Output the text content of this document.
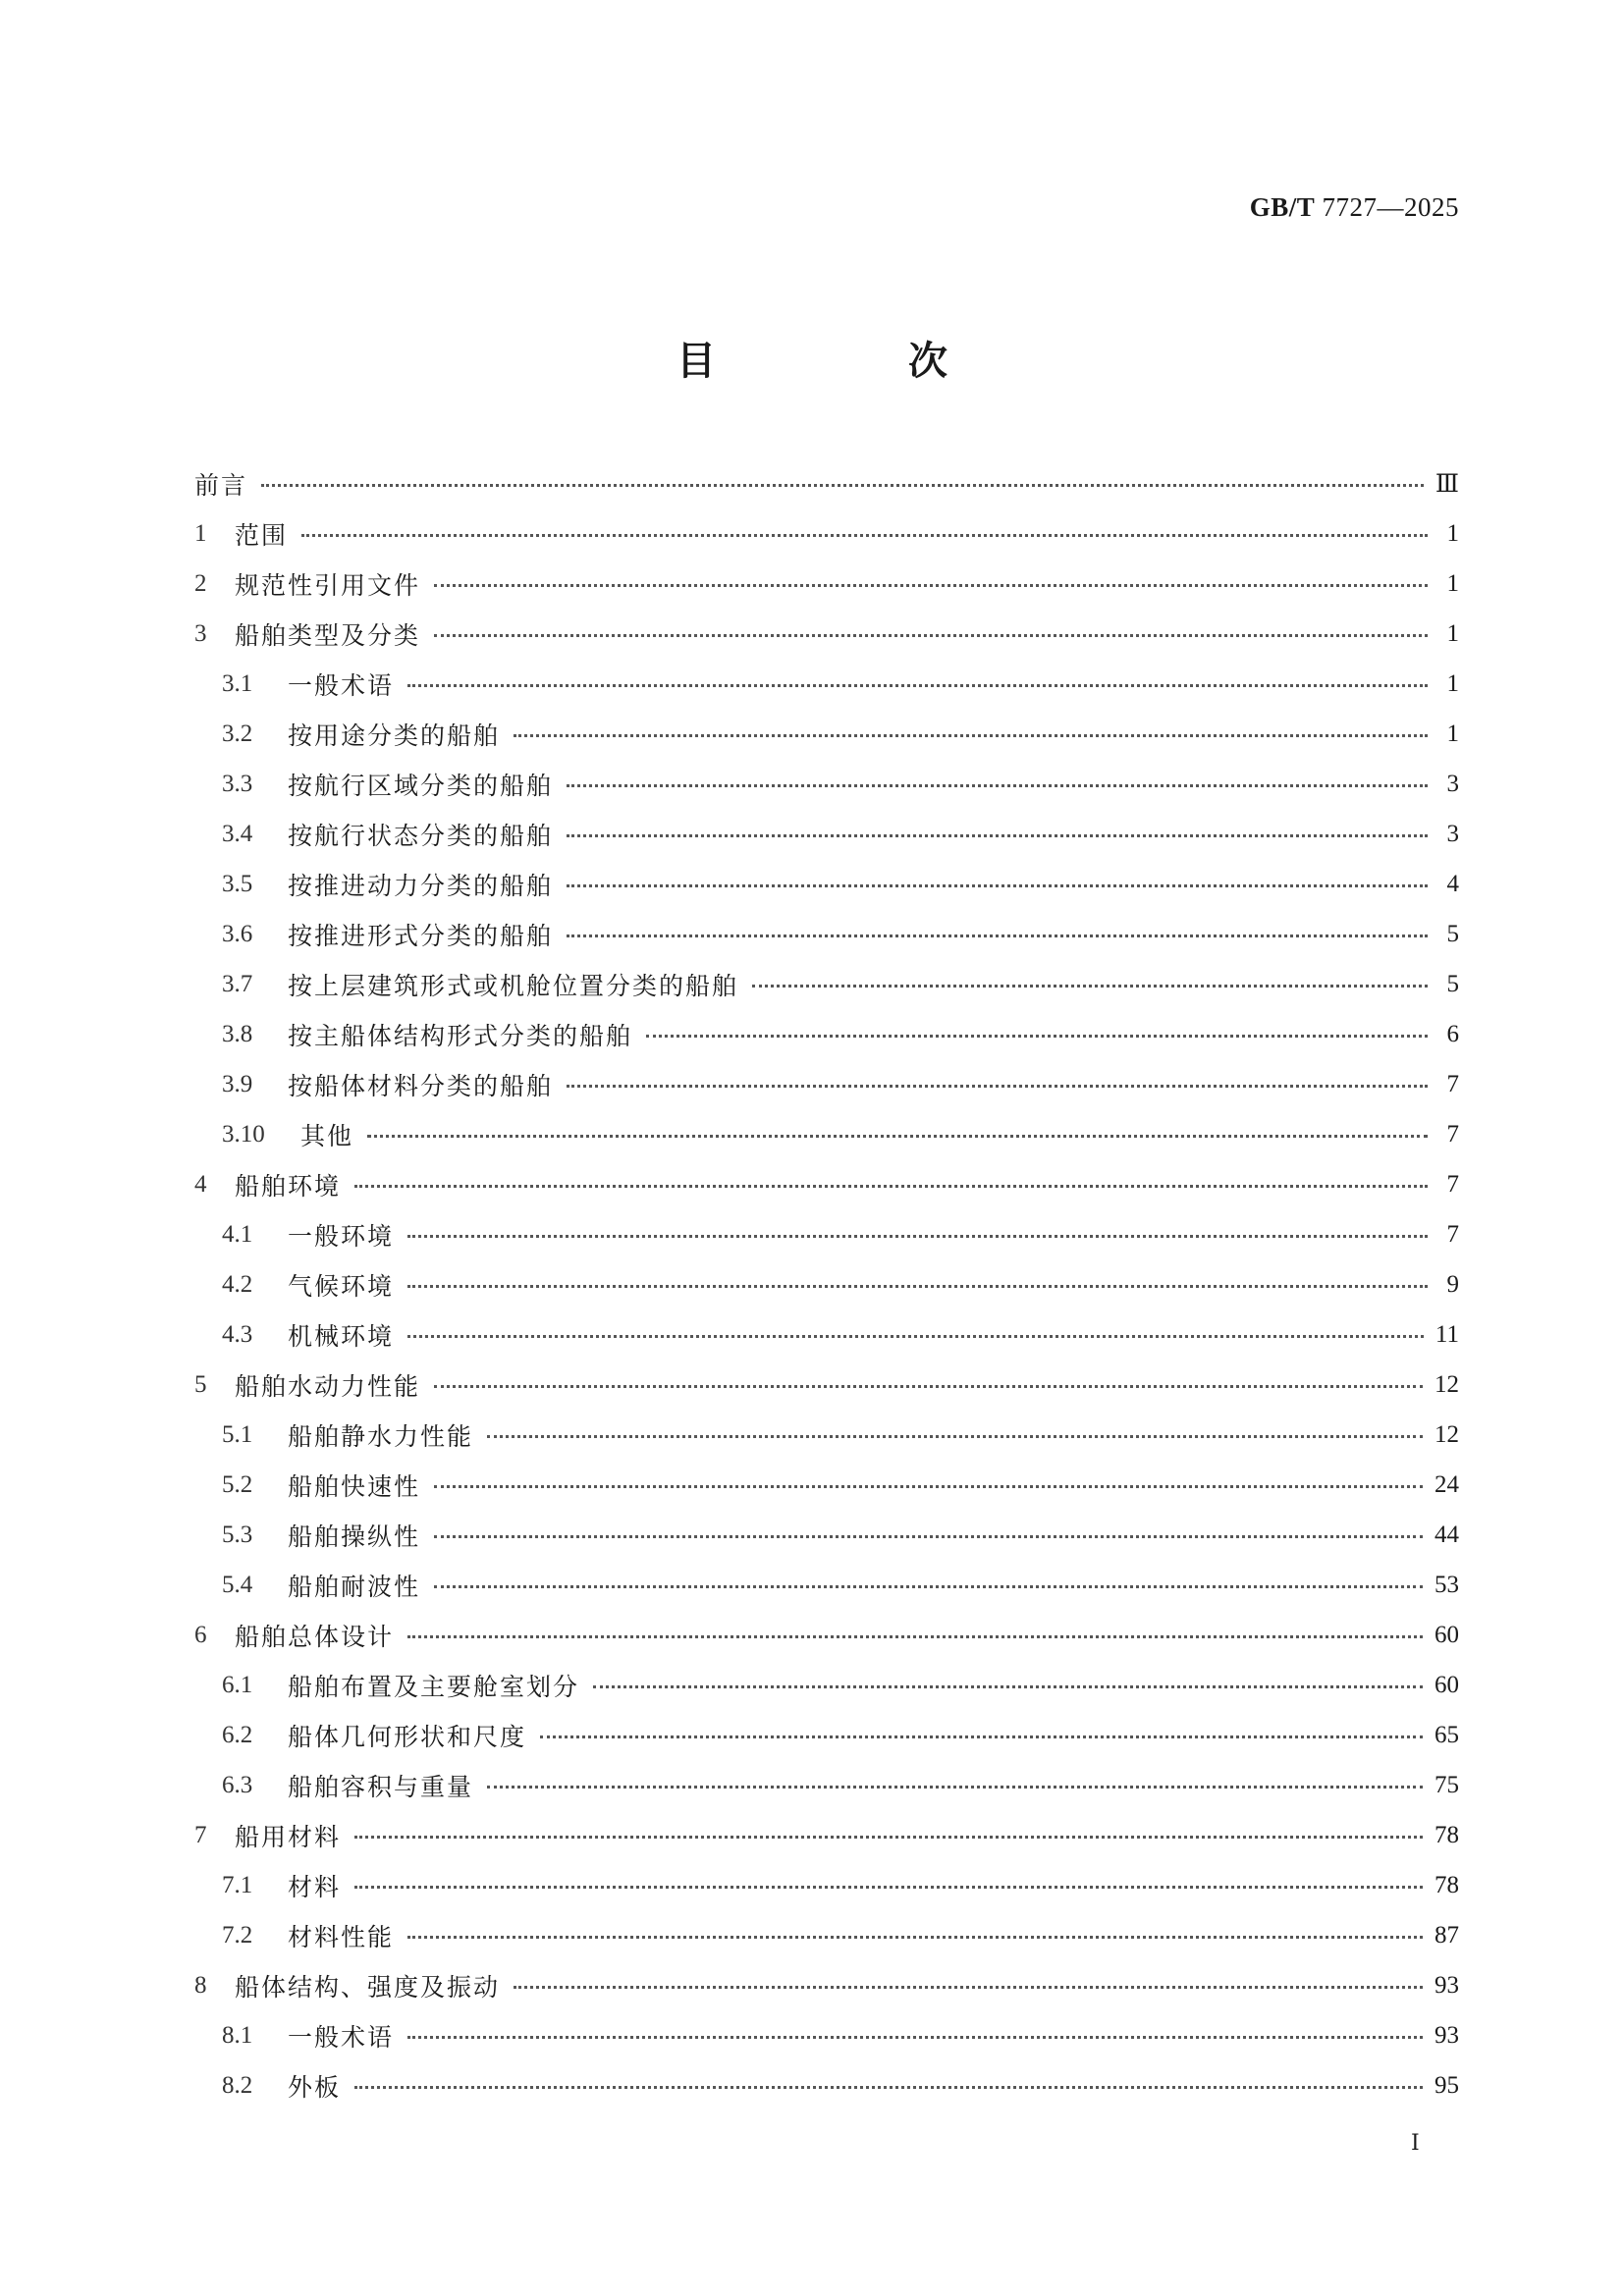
GB/T 7727—2025
目　次
前言	Ⅲ
1	范围	1
2	规范性引用文件	1
3	船舶类型及分类	1
3.1	一般术语	1
3.2	按用途分类的船舶	1
3.3	按航行区域分类的船舶	3
3.4	按航行状态分类的船舶	3
3.5	按推进动力分类的船舶	4
3.6	按推进形式分类的船舶	5
3.7	按上层建筑形式或机舱位置分类的船舶	5
3.8	按主船体结构形式分类的船舶	6
3.9	按船体材料分类的船舶	7
3.10	其他	7
4	船舶环境	7
4.1	一般环境	7
4.2	气候环境	9
4.3	机械环境	11
5	船舶水动力性能	12
5.1	船舶静水力性能	12
5.2	船舶快速性	24
5.3	船舶操纵性	44
5.4	船舶耐波性	53
6	船舶总体设计	60
6.1	船舶布置及主要舱室划分	60
6.2	船体几何形状和尺度	65
6.3	船舶容积与重量	75
7	船用材料	78
7.1	材料	78
7.2	材料性能	87
8	船体结构、强度及振动	93
8.1	一般术语	93
8.2	外板	95
Ⅰ
